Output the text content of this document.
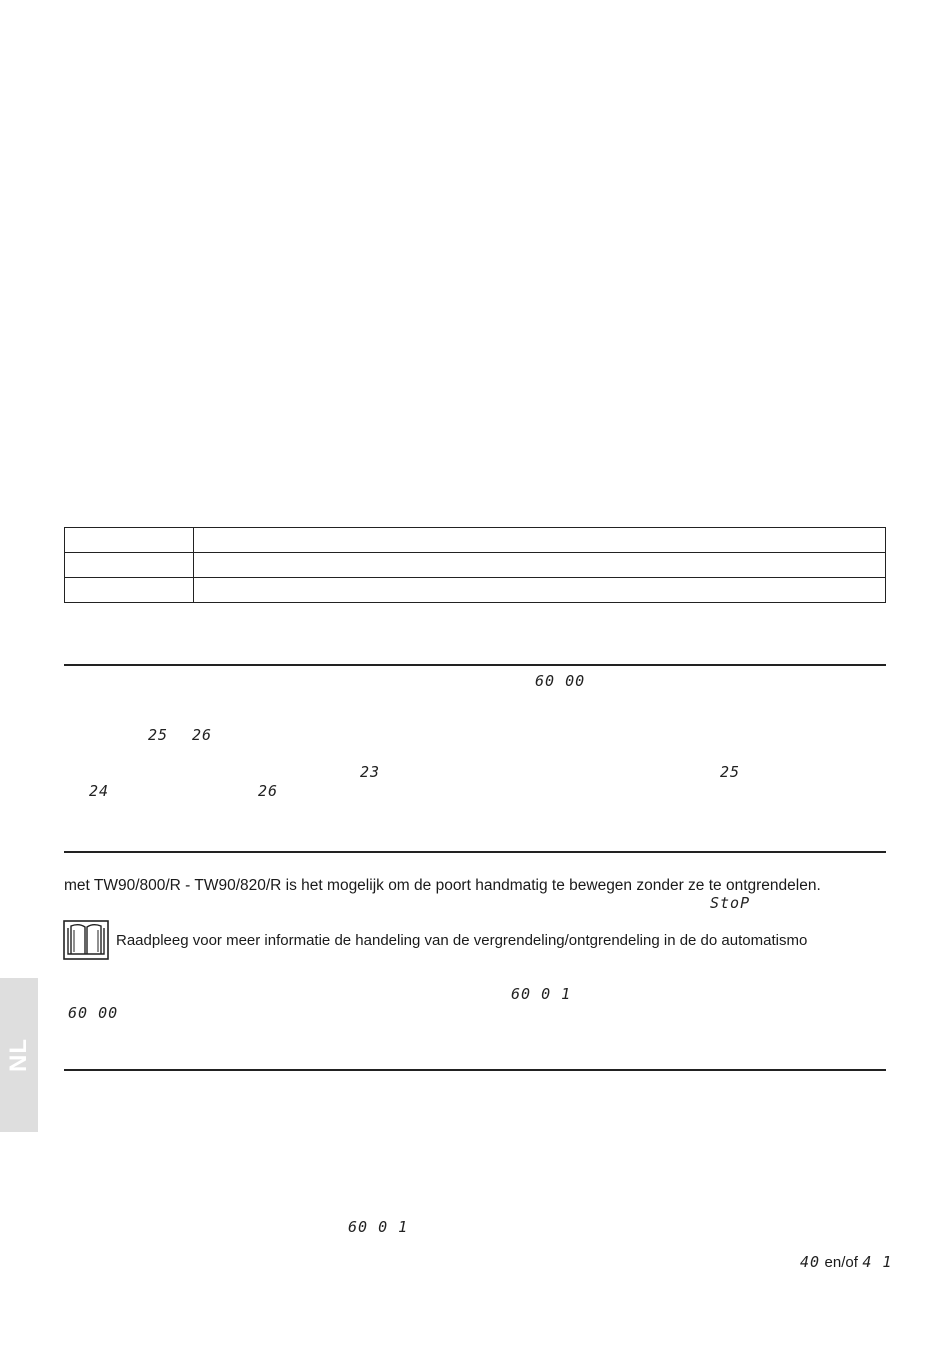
60 00
25 26
23	25
24	26
met TW90/800/R - TW90/820/R is het mogelijk om de poort handmatig te bewegen zonder ze te ontgrendelen.
StoP
Raadpleeg voor meer informatie de handeling van de vergrendeling/ontgrendeling in de do automatismo
60 0 1
60 00
60 0 1
40 en/of 4 1
NL
